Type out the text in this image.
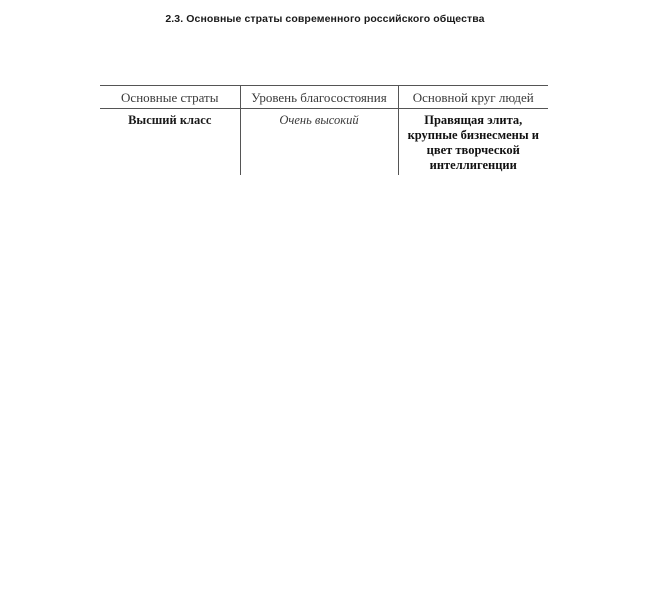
2.3. Основные страты современного российского общества
Основные страты	Уровень благосостояния	Основной круг людей
Высший класс	Очень высокий	Правящая элита, крупные бизнесмены и цвет творческой интеллигенции
